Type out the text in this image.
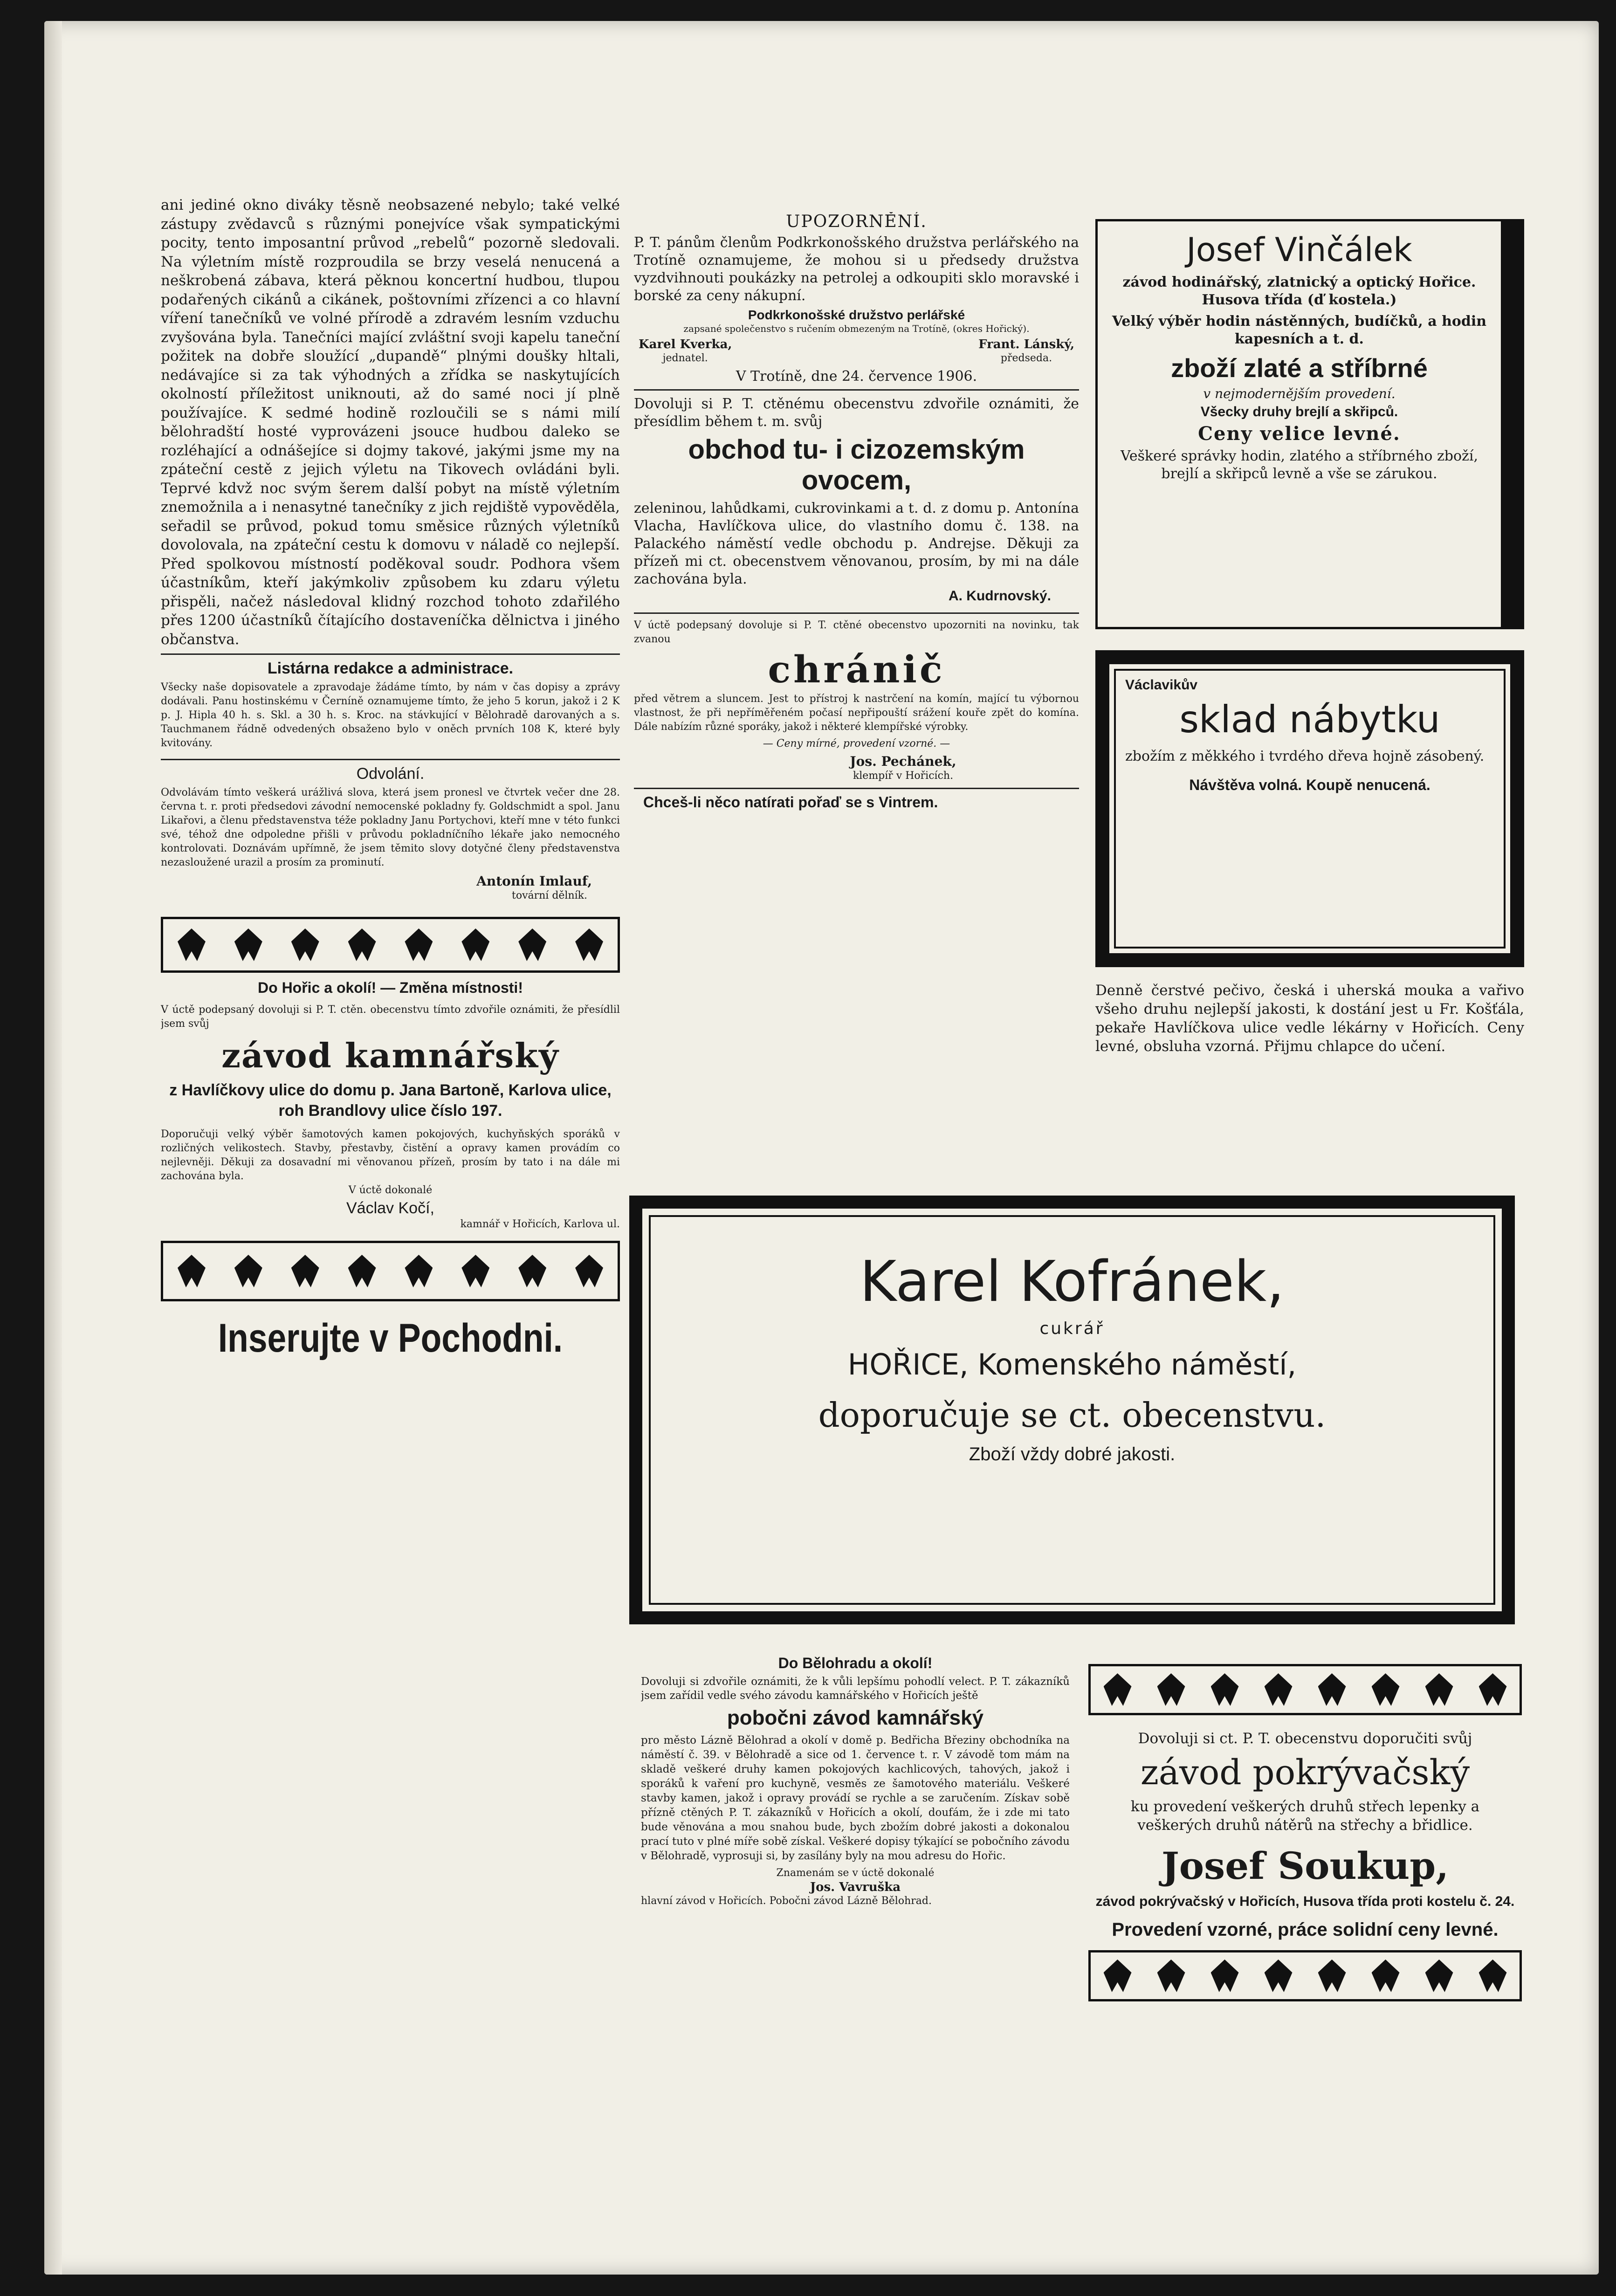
ani jediné okno diváky těsně neobsazené nebylo; také velké zástupy zvědavců s různými ponejvíce však sympatickými pocity, tento imposantní průvod „rebelů“ pozorně sledovali. Na výletním místě rozproudila se brzy veselá nenucená a neškrobená zábava, která pěknou koncertní hudbou, tlupou podařených cikánů a cikánek, poštovními zřízenci a co hlavní víření tanečníků ve volné přírodě a zdravém lesním vzduchu zvyšována byla. Tanečníci mající zvláštní svoji kapelu taneční požitek na dobře sloužící „dupandě“ plnými doušky hltali, nedávajíce si za tak výhodných a zřídka se naskytujících okolností příležitost uniknouti, až do samé noci jí plně používajíce. K sedmé hodině rozloučili se s námi milí bělohradští hosté vyprovázeni jsouce hudbou daleko se rozléhající a odnášejíce si dojmy takové, jakými jsme my na zpáteční cestě z jejich výletu na Tikovech ovládáni byli. Teprvé kdvž noc svým šerem další pobyt na místě výletním znemožnila a i nenasytné tanečníky z jich rejdiště vypověděla, seřadil se průvod, pokud tomu směsice různých výletníků dovolovala, na zpáteční cestu k domovu v náladě co nejlepší. Před spolkovou místností poděkoval soudr. Podhora všem účastníkům, kteří jakýmkoliv způsobem ku zdaru výletu přispěli, načež následoval klidný rozchod tohoto zdařilého přes 1200 účastníků čítajícího dostaveníčka dělnictva i jiného občanstva.

Listárna redakce a administrace.

Všecky naše dopisovatele a zpravodaje žádáme tímto, by nám v čas dopisy a zprávy dodávali. Panu hostinskému v Černíně oznamujeme tímto, že jeho 5 korun, jakož i 2 K p. J. Hipla 40 h. s. Skl. a 30 h. s. Kroc. na stávkující v Bělohradě darovaných a s. Tauchmanem řádně odvedených obsaženo bylo v oněch prvních 108 K, které byly kvitovány.

Odvolání.

Odvolávám tímto veškerá urážlivá slova, která jsem pronesl ve čtvrtek večer dne 28. června t. r. proti předsedovi závodní nemocenské pokladny fy. Goldschmidt a spol. Janu Likařovi, a členu představenstva téže pokladny Janu Portychovi, kteří mne v této funkci své, téhož dne odpoledne přišli v průvodu pokladníčního lékaře jako nemocného kontrolovati. Doznávám upřímně, že jsem těmito slovy dotyčné členy představenstva nezasloužené urazil a prosím za prominutí.

Antonín Imlauf,

tovární dělník.

Do Hořic a okolí! — Změna místnosti!

V úctě podepsaný dovoluji si P. T. ctěn. obecenstvu tímto zdvořile oznámiti, že přesídlil jsem svůj

závod kamnářský

z Havlíčkovy ulice do domu p. Jana Bartoně, Karlova ulice, roh Brandlovy ulice číslo 197.

Doporučuji velký výběr šamotových kamen pokojových, kuchyňských sporáků v rozličných velikostech. Stavby, přestavby, čistění a opravy kamen provádím co nejlevněji. Děkuji za dosavadní mi věnovanou přízeň, prosím by tato i na dále mi zachována byla.

V úctě dokonalé

Václav Kočí,

kamnář v Hořicích, Karlova ul.

Inserujte v Pochodni.

UPOZORNĚNÍ.

P. T. pánům členům Podkrkonošského družstva perlářského na Trotíně oznamujeme, že mohou si u předsedy družstva vyzdvihnouti poukázky na petrolej a odkoupiti sklo moravské i borské za ceny nákupní.

Podkrkonošské družstvo perlářské

zapsané společenstvo s ručením obmezeným na Trotíně, (okres Hořický).

Karel Kverka,

jednatel.

Frant. Lánský,

předseda.

V Trotíně, dne 24. července 1906.

Dovoluji si P. T. ctěnému obecenstvu zdvořile oznámiti, že přesídlim během t. m. svůj

obchod tu- i cizozemským ovocem,

zeleninou, lahůdkami, cukrovinkami a t. d. z domu p. Antonína Vlacha, Havlíčkova ulice, do vlastního domu č. 138. na Palackého náměstí vedle obchodu p. Andrejse. Děkuji za přízeň mi ct. obecenstvem věnovanou, prosím, by mi na dále zachována byla.

A. Kudrnovský.

V úctě podepsaný dovoluje si P. T. ctěné obecenstvo upozorniti na novinku, tak zvanou

chránič

před větrem a sluncem. Jest to přístroj k nastrčení na komín, mající tu výbornou vlastnost, že při nepříměřeném počasí nepřipouští srážení kouře zpět do komína. Dále nabízím různé sporáky, jakož i některé klempířské výrobky.

— Ceny mírné, provedení vzorné. —

Jos. Pechánek,

klempíř v Hořicích.

Chceš-li něco natírati pořaď se s Vintrem.

Josef Vinčálek

závod hodinářský, zlatnický a optický Hořice. Husova třída (ď kostela.)

Velký výběr hodin nástěnných, budíčků, a hodin kapesních a t. d.

zboží zlaté a stříbrné

v nejmodernějším provedení.

Všecky druhy brejlí a skřipců.

Ceny velice levné.

Veškeré správky hodin, zlatého a stříbrného zboží, brejlí a skřipců levně a vše se zárukou.

Václavikův

sklad nábytku

zbožím z měkkého i tvrdého dřeva hojně zásobený.

Návštěva volná. Koupě nenucená.

Denně čerstvé pečivo, česká i uherská mouka a vařivo všeho druhu nejlepší jakosti, k dostání jest u Fr. Košťála, pekaře Havlíčkova ulice vedle lékárny v Hořicích. Ceny levné, obsluha vzorná. Přijmu chlapce do učení.

Karel Kofránek,

cukrář

HOŘICE, Komenského náměstí,

doporučuje se ct. obecenstvu.

Zboží vždy dobré jakosti.

Do Bělohradu a okolí!

Dovoluji si zdvořile oznámiti, že k vůli lepšímu pohodlí velect. P. T. zákazníků jsem zařídil vedle svého závodu kamnářského v Hořicích ještě

pobočni závod kamnářský

pro město Lázně Bělohrad a okolí v domě p. Bedřicha Březiny obchodníka na náměstí č. 39. v Bělohradě a sice od 1. července t. r. V závodě tom mám na skladě veškeré druhy kamen pokojových kachlicových, tahových, jakož i sporáků k vaření pro kuchyně, vesměs ze šamotového materiálu. Veškeré stavby kamen, jakož i opravy provádí se rychle a se zaručením. Získav sobě přízně ctěných P. T. zákazníků v Hořicích a okolí, doufám, že i zde mi tato bude věnována a mou snahou bude, bych zbožím dobré jakosti a dokonalou prací tuto v plné míře sobě získal. Veškeré dopisy týkající se pobočního závodu v Bělohradě, vyprosuji si, by zasílány byly na mou adresu do Hořic.

Znamenám se v úctě dokonalé

Jos. Vavruška

hlavní závod v Hořicích. Pobočni závod Lázně Bělohrad.

Dovoluji si ct. P. T. obecenstvu doporučiti svůj

závod pokrývačský

ku provedení veškerých druhů střech lepenky a veškerých druhů nátěrů na střechy a břidlice.

Josef Soukup,

závod pokrývačský v Hořicích, Husova třída proti kostelu č. 24.

Provedení vzorné, práce solidní ceny levné.
